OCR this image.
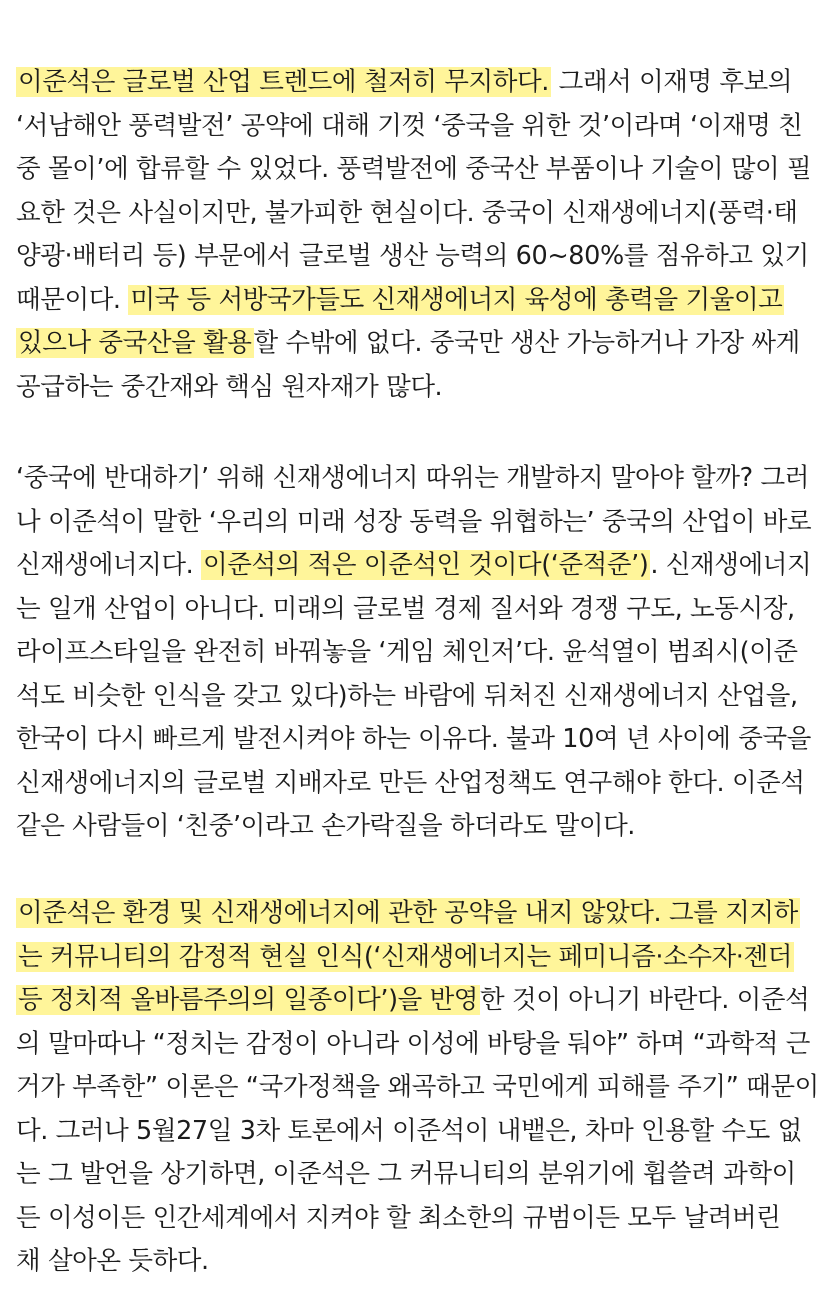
이준석은 글로벌 산업 트렌드에 철저히 무지하다. 그래서 이재명 후보의
‘서남해안 풍력발전’ 공약에 대해 기껏 ‘중국을 위한 것’이라며 ‘이재명 친
중 몰이’에 합류할 수 있었다. 풍력발전에 중국산 부품이나 기술이 많이 필
요한 것은 사실이지만, 불가피한 현실이다. 중국이 신재생에너지(풍력·태
양광·배터리 등) 부문에서 글로벌 생산 능력의 60~80%를 점유하고 있기
때문이다. 미국 등 서방국가들도 신재생에너지 육성에 총력을 기울이고
있으나 중국산을 활용할 수밖에 없다. 중국만 생산 가능하거나 가장 싸게
공급하는 중간재와 핵심 원자재가 많다.
‘중국에 반대하기’ 위해 신재생에너지 따위는 개발하지 말아야 할까? 그러
나 이준석이 말한 ‘우리의 미래 성장 동력을 위협하는’ 중국의 산업이 바로
신재생에너지다. 이준석의 적은 이준석인 것이다(‘준적준’). 신재생에너지
는 일개 산업이 아니다. 미래의 글로벌 경제 질서와 경쟁 구도, 노동시장,
라이프스타일을 완전히 바꿔놓을 ‘게임 체인저’다. 윤석열이 범죄시(이준
석도 비슷한 인식을 갖고 있다)하는 바람에 뒤처진 신재생에너지 산업을,
한국이 다시 빠르게 발전시켜야 하는 이유다. 불과 10여 년 사이에 중국을
신재생에너지의 글로벌 지배자로 만든 산업정책도 연구해야 한다. 이준석
같은 사람들이 ‘친중’이라고 손가락질을 하더라도 말이다.
이준석은 환경 및 신재생에너지에 관한 공약을 내지 않았다. 그를 지지하
는 커뮤니티의 감정적 현실 인식(‘신재생에너지는 페미니즘·소수자·젠더
등 정치적 올바름주의의 일종이다’)을 반영한 것이 아니기 바란다. 이준석
의 말마따나 “정치는 감정이 아니라 이성에 바탕을 둬야” 하며 “과학적 근
거가 부족한” 이론은 “국가정책을 왜곡하고 국민에게 피해를 주기” 때문이
다. 그러나 5월27일 3차 토론에서 이준석이 내뱉은, 차마 인용할 수도 없
는 그 발언을 상기하면, 이준석은 그 커뮤니티의 분위기에 휩쓸려 과학이
든 이성이든 인간세계에서 지켜야 할 최소한의 규범이든 모두 날려버린
채 살아온 듯하다.
